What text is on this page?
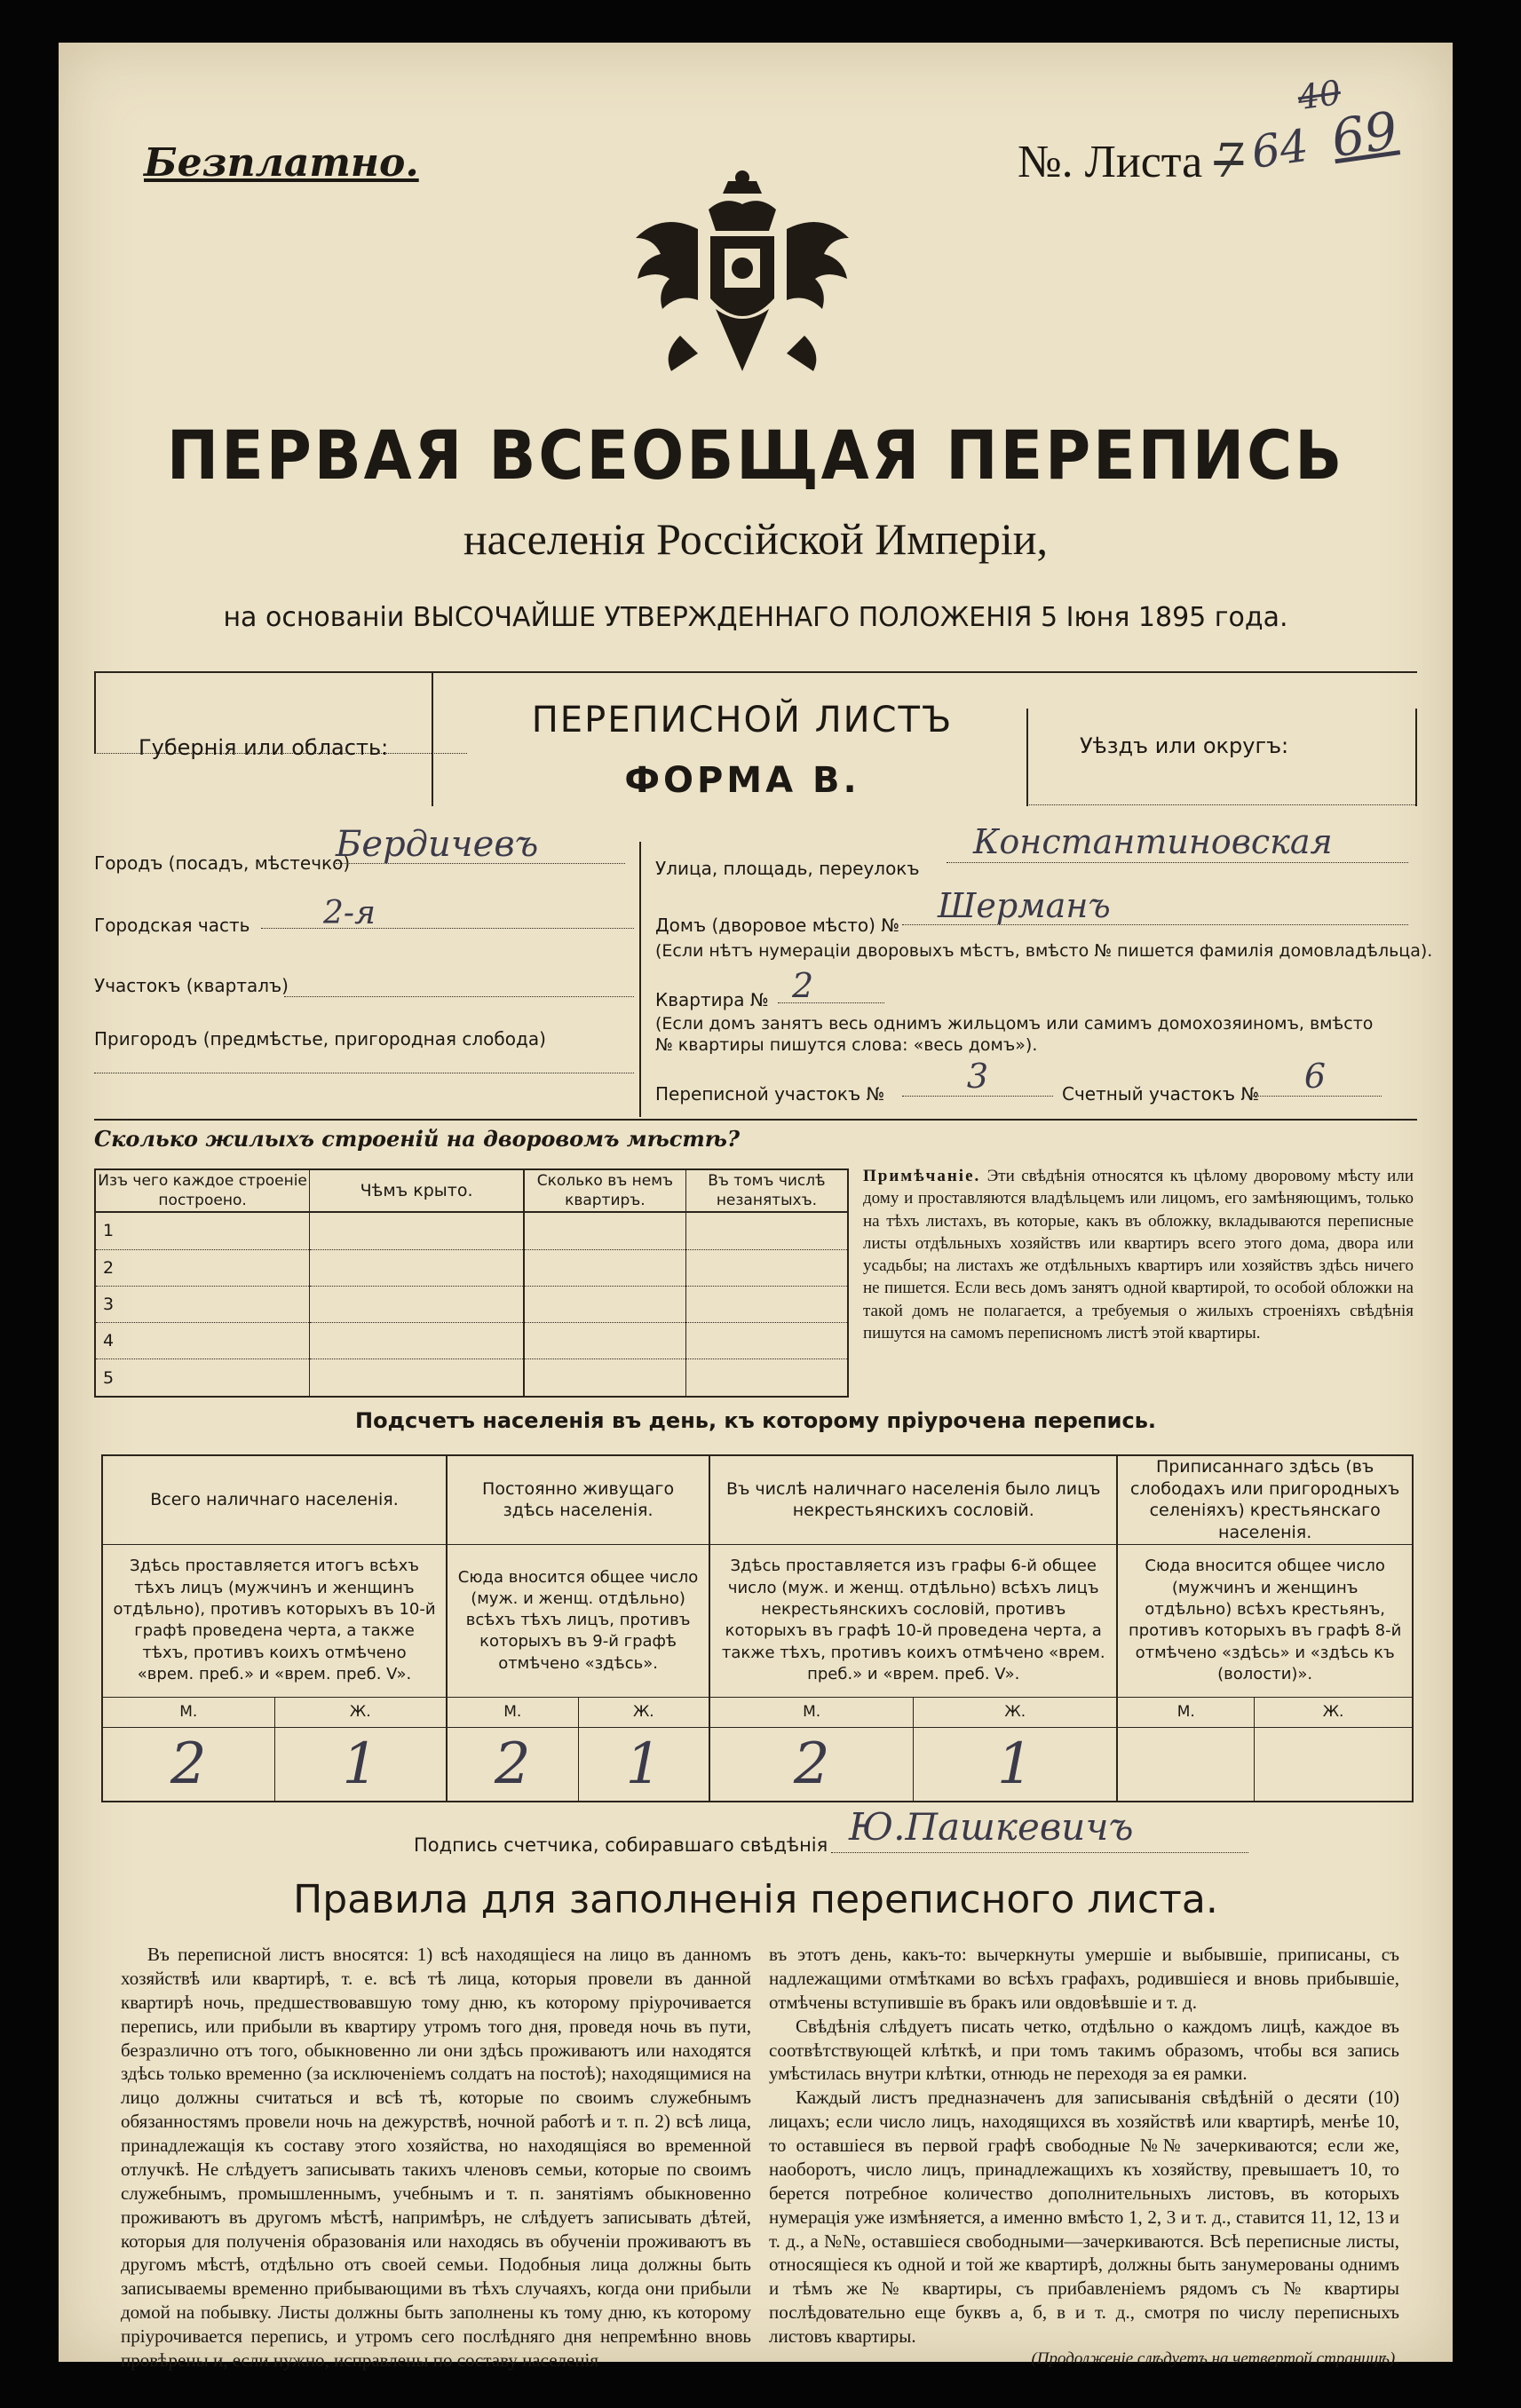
Безплатно.	№. Листа 7
40
64 69
ПЕРВАЯ ВСЕОБЩАЯ ПЕРЕПИСЬ
населенія Россійской Имперіи,
на основаніи ВЫСОЧАЙШЕ УТВЕРЖДЕННАГО ПОЛОЖЕНІЯ 5 Іюня 1895 года.
Губернія или область:
ПЕРЕПИСНОЙ ЛИСТЪ
ФОРМА В.
Уѣздъ или округъ:
Городъ (посадъ, мѣстечко)
Бердичевъ
Городская часть	2-я
Участокъ (кварталъ)
Пригородъ (предмѣстье, пригородная слобода)
Улица, площадь, переулокъ
Константиновская
Домъ (дворовое мѣсто) №	Шерманъ
(Если нѣтъ нумераціи дворовыхъ мѣстъ, вмѣсто № пишется фамилія домовладѣльца).
Квартира № 2
(Если домъ занятъ весь однимъ жильцомъ или самимъ домохозяиномъ, вмѣсто
№ квартиры пишутся слова: «весь домъ»).
Переписной участокъ №	3	Счетный участокъ №	6
Сколько жилыхъ строеній на дворовомъ мѣстѣ?
Изъ чего каждое строеніе построено.	Чѣмъ крыто.	Сколько въ немъ квартиръ.	Въ томъ числѣ незанятыхъ.
1			
2			
3			
4			
5			
Примѣчаніе. Эти свѣдѣнія относятся къ цѣлому дворовому мѣсту или дому и проставляются владѣльцемъ или лицомъ, его замѣняющимъ, только на тѣхъ листахъ, въ которые, какъ въ обложку, вкладываются переписные листы отдѣльныхъ хозяйствъ или квартиръ всего этого дома, двора или усадьбы; на листахъ же отдѣльныхъ квартиръ или хозяйствъ здѣсь ничего не пишется. Если весь домъ занятъ одной квартирой, то особой обложки на такой домъ не полагается, а требуемыя о жилыхъ строеніяхъ свѣдѣнія пишутся на самомъ переписномъ листѣ этой квартиры.
Подсчетъ населенія въ день, къ которому пріурочена перепись.
Всего наличнаго населенія.		Постоянно живущаго здѣсь населенія.		Въ числѣ наличнаго населенія было лицъ некрестьянскихъ сословій.		Приписаннаго здѣсь (въ слободахъ или пригородныхъ селеніяхъ) крестьянскаго населенія.	
Здѣсь проставляется итогъ всѣхъ тѣхъ лицъ (мужчинъ и женщинъ отдѣльно), противъ которыхъ въ 10-й графѣ проведена черта, а также тѣхъ, противъ коихъ отмѣчено «врем. преб.» и «врем. преб. V».		Сюда вносится общее число (муж. и женщ. отдѣльно) всѣхъ тѣхъ лицъ, противъ которыхъ въ 9-й графѣ отмѣчено «здѣсь».		Здѣсь проставляется изъ графы 6-й общее число (муж. и женщ. отдѣльно) всѣхъ лицъ некрестьянскихъ сословій, противъ которыхъ въ графѣ 10-й проведена черта, а также тѣхъ, противъ коихъ отмѣчено «врем. преб.» и «врем. преб. V».		Сюда вносится общее число (мужчинъ и женщинъ отдѣльно) всѣхъ крестьянъ, противъ которыхъ въ графѣ 8-й отмѣчено «здѣсь» и «здѣсь къ (волости)».	
М.	Ж.	М.	Ж.	М.	Ж.	М.	Ж.
2	1	2	1	2	1		
Подпись счетчика, собиравшаго свѣдѣнія Ю.Пашкевичъ
Правила для заполненія переписного листа.
Въ переписной листъ вносятся: 1) всѣ находящіеся на лицо въ данномъ хозяйствѣ или квартирѣ, т. е. всѣ тѣ лица, которыя провели въ данной квартирѣ ночь, предшествовавшую тому дню, къ которому пріурочивается перепись, или прибыли въ квартиру утромъ того дня, проведя ночь въ пути, безразлично отъ того, обыкновенно ли они здѣсь проживаютъ или находятся здѣсь только временно (за исключеніемъ солдатъ на постоѣ); находящимися на лицо должны считаться и всѣ тѣ, которые по своимъ служебнымъ обязанностямъ провели ночь на дежурствѣ, ночной работѣ и т. п. 2) всѣ лица, принадлежащія къ составу этого хозяйства, но находящіяся во временной отлучкѣ. Не слѣдуетъ записывать такихъ членовъ семьи, которые по своимъ служебнымъ, промышленнымъ, учебнымъ и т. п. занятіямъ обыкновенно проживаютъ въ другомъ мѣстѣ, напримѣръ, не слѣдуетъ записывать дѣтей, которыя для полученія образованія или находясь въ обученіи проживаютъ въ другомъ мѣстѣ, отдѣльно отъ своей семьи. Подобныя лица должны быть записываемы временно прибывающими въ тѣхъ случаяхъ, когда они прибыли домой на побывку. Листы должны быть заполнены къ тому дню, къ которому пріурочивается перепись, и утромъ сего послѣдняго дня непремѣнно вновь провѣрены и, если нужно, исправлены по составу населенія
въ этотъ день, какъ-то: вычеркнуты умершіе и выбывшіе, приписаны, съ надлежащими отмѣтками во всѣхъ графахъ, родившіеся и вновь прибывшіе, отмѣчены вступившіе въ бракъ или овдовѣвшіе и т. д.
Свѣдѣнія слѣдуетъ писать четко, отдѣльно о каждомъ лицѣ, каждое въ соотвѣтствующей клѣткѣ, и при томъ такимъ образомъ, чтобы вся запись умѣстилась внутри клѣтки, отнюдь не переходя за ея рамки.
Каждый листъ предназначенъ для записыванія свѣдѣній о десяти (10) лицахъ; если число лицъ, находящихся въ хозяйствѣ или квартирѣ, менѣе 10, то оставшіеся въ первой графѣ свободные №№ зачеркиваются; если же, наоборотъ, число лицъ, принадлежащихъ къ хозяйству, превышаетъ 10, то берется потребное количество дополнительныхъ листовъ, въ которыхъ нумерація уже измѣняется, а именно вмѣсто 1, 2, 3 и т. д., ставится 11, 12, 13 и т. д., а №№, оставшіеся свободными—зачеркиваются. Всѣ переписные листы, относящіеся къ одной и той же квартирѣ, должны быть занумерованы однимъ и тѣмъ же № квартиры, съ прибавленіемъ рядомъ съ № квартиры послѣдовательно еще буквъ а, б, в и т. д., смотря по числу переписныхъ листовъ квартиры.
(Продолженіе слѣдуетъ на четвертой страницѣ).
